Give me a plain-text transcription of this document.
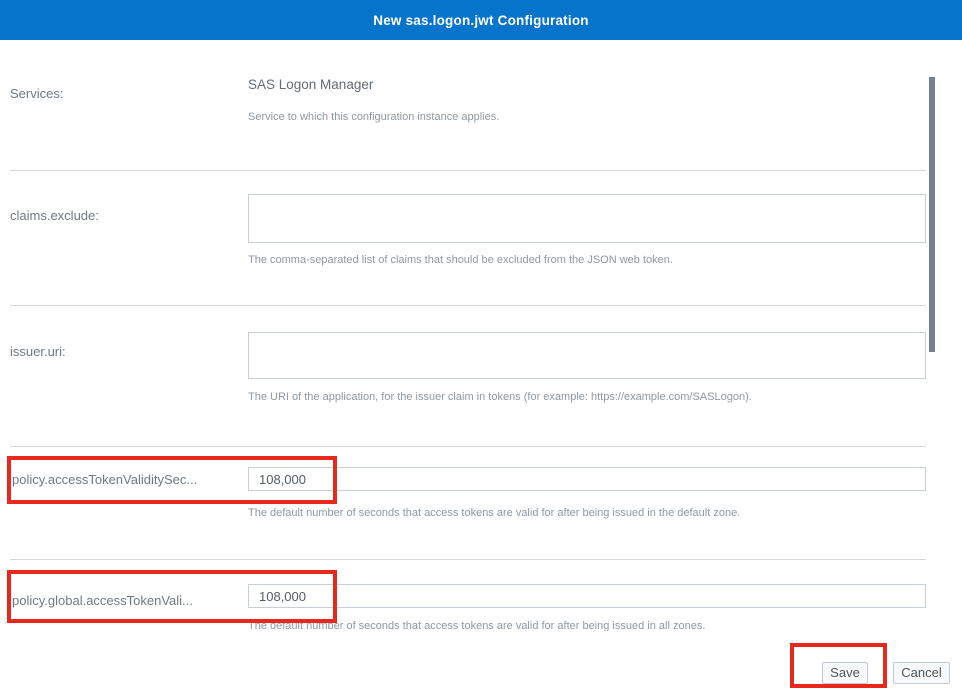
New sas.logon.jwt Configuration
Services:
SAS Logon Manager
Service to which this configuration instance applies.
claims.exclude:
The comma-separated list of claims that should be excluded from the JSON web token.
issuer.uri:
The URI of the application, for the issuer claim in tokens (for example: https://example.com/SASLogon).
policy.accessTokenValiditySec...
108,000
The default number of seconds that access tokens are valid for after being issued in the default zone.
policy.global.accessTokenVali...
108,000
The default number of seconds that access tokens are valid for after being issued in all zones.
Save	Cancel
